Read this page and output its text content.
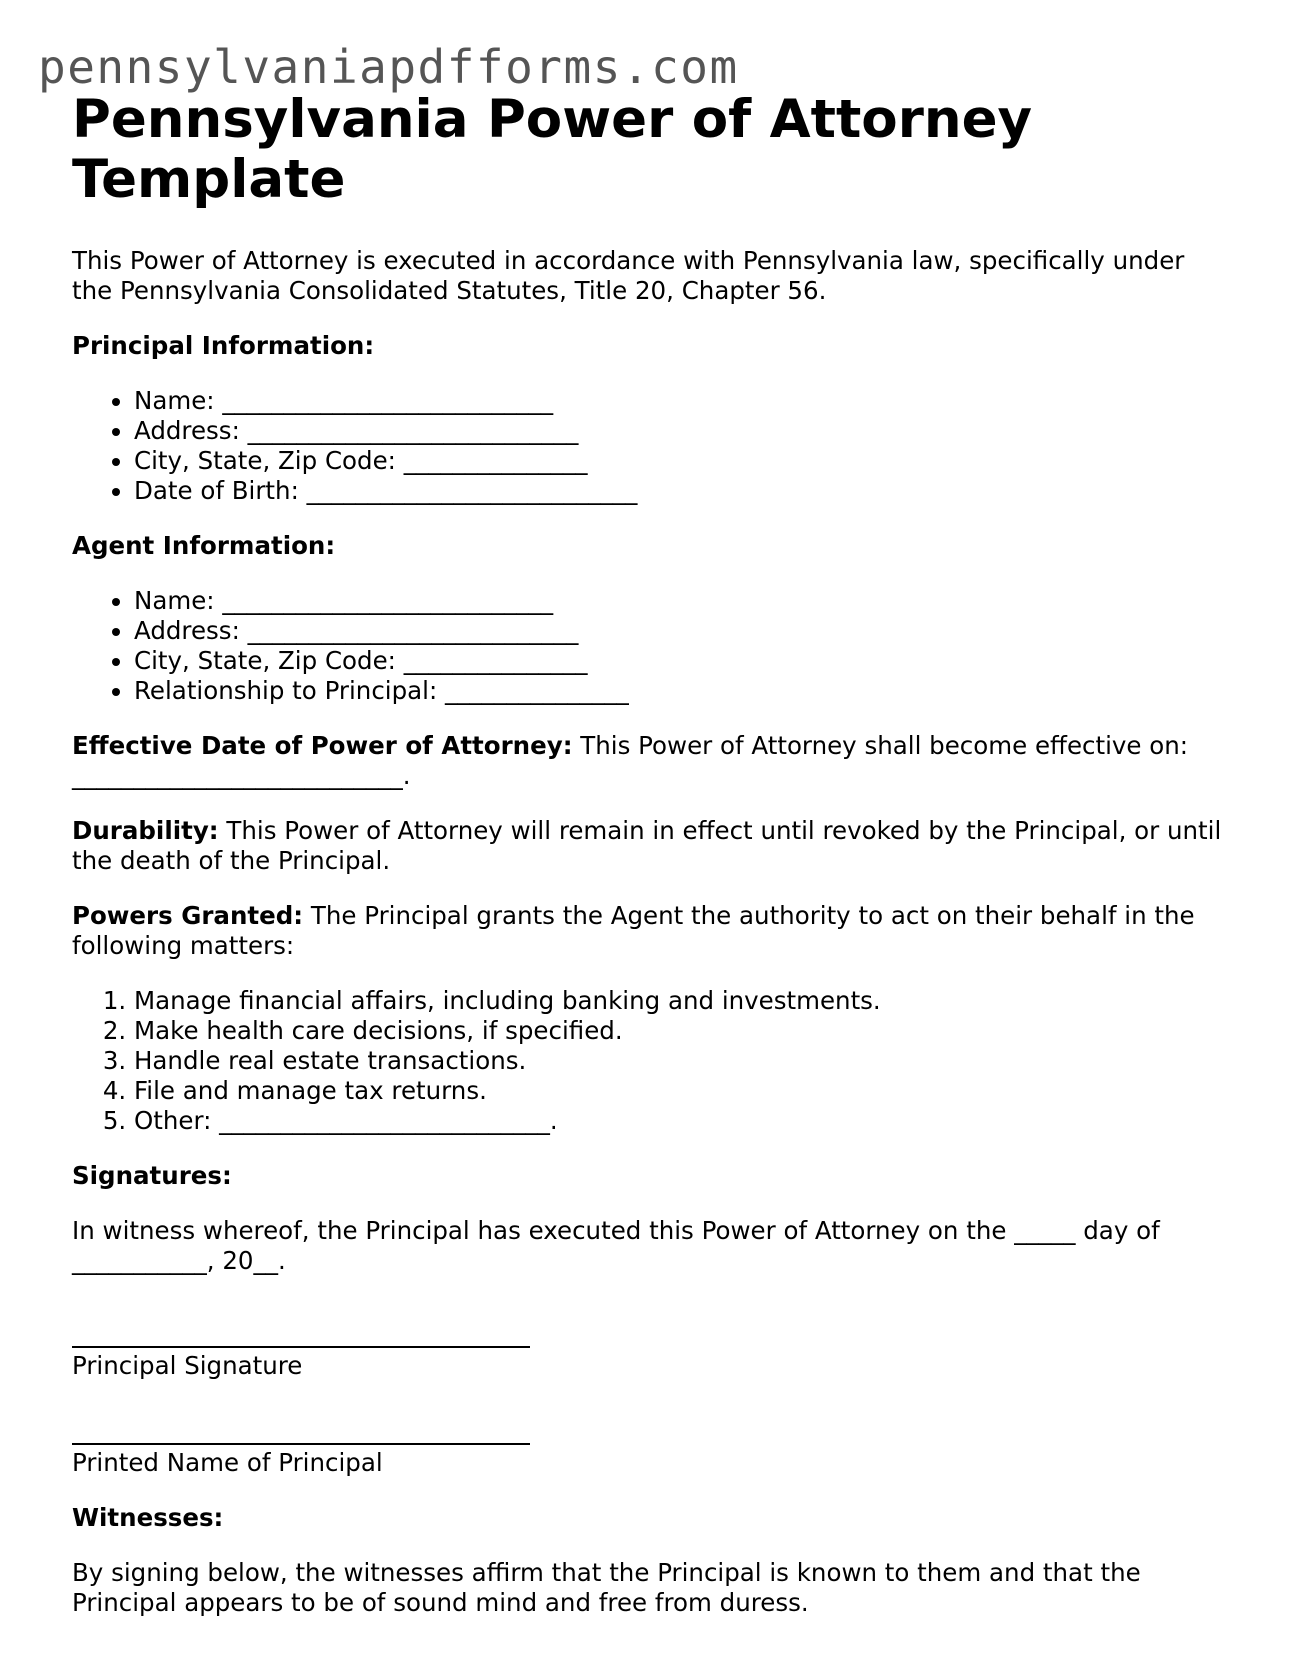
pennsylvaniapdfforms.com
Pennsylvania Power of Attorney Template

This Power of Attorney is executed in accordance with Pennsylvania law, specifically under the Pennsylvania Consolidated Statutes, Title 20, Chapter 56.

Principal Information:

• Name: ___________________________
• Address: ___________________________
• City, State, Zip Code: _______________
• Date of Birth: ___________________________

Agent Information:

• Name: ___________________________
• Address: ___________________________
• City, State, Zip Code: _______________
• Relationship to Principal: _______________

Effective Date of Power of Attorney: This Power of Attorney shall become effective on: ___________________________.

Durability: This Power of Attorney will remain in effect until revoked by the Principal, or until the death of the Principal.

Powers Granted: The Principal grants the Agent the authority to act on their behalf in the following matters:

1. Manage financial affairs, including banking and investments.
2. Make health care decisions, if specified.
3. Handle real estate transactions.
4. File and manage tax returns.
5. Other: ___________________________.

Signatures:

In witness whereof, the Principal has executed this Power of Attorney on the _____ day of ___________, 20__.

Principal Signature

Printed Name of Principal

Witnesses:

By signing below, the witnesses affirm that the Principal is known to them and that the Principal appears to be of sound mind and free from duress.
